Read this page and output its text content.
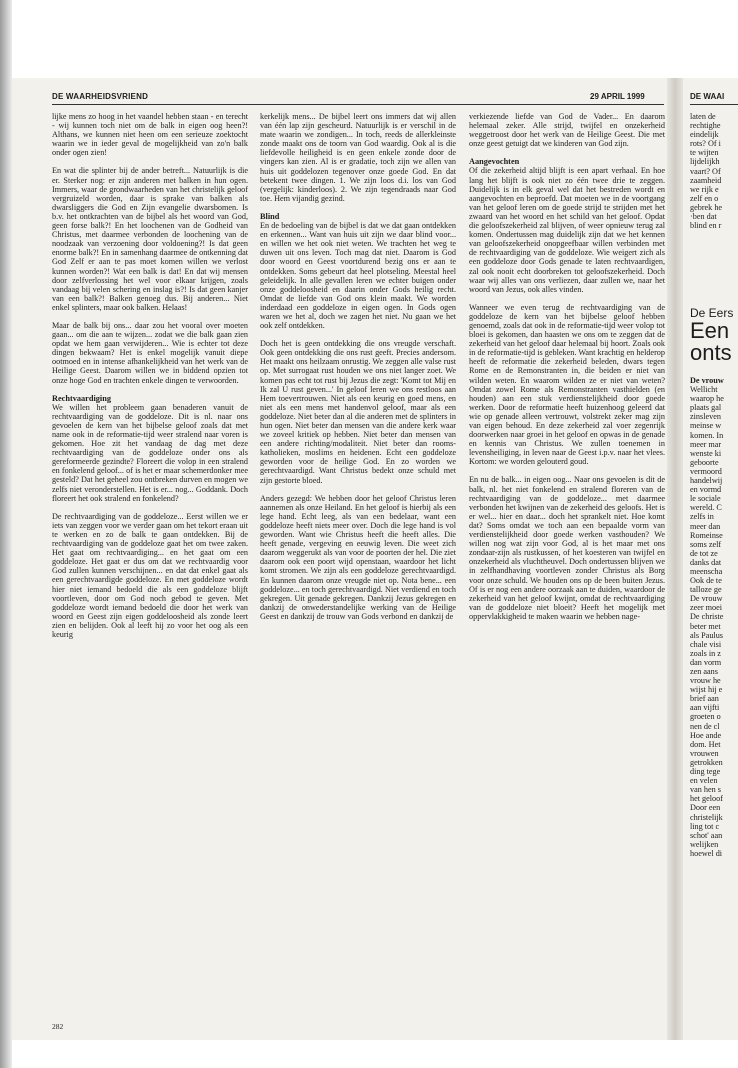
DE WAARHEIDSVRIEND	29 APRIL 1999	DE WAAI

lijke mens zo hoog in het vaandel hebben staan - en terecht - wij kunnen toch niet om de balk in eigen oog heen?! Althans, we kunnen niet heen om een serieuze zoektocht waarin we in ieder geval de mogelijkheid van zo'n balk onder ogen zien!

En wat die splinter bij de ander betreft... Natuurlijk is die er. Sterker nog: er zijn anderen met balken in hun ogen. Immers, waar de grondwaarheden van het christelijk geloof vergruizeld worden, daar is sprake van balken als dwarsliggers die God en Zijn evangelie dwarsbomen. Is b.v. het ontkrachten van de bijbel als het woord van God, geen forse balk?! En het loochenen van de Godheid van Christus, met daarmee verbonden de loochening van de noodzaak van verzoening door voldoening?! Is dat geen enorme balk?! En in samenhang daarmee de ontkenning dat God Zelf er aan te pas moet komen willen we verlost kunnen worden?! Wat een balk is dat! En dat wij mensen door zelfverlossing het wel voor elkaar krijgen, zoals vandaag bij velen schering en inslag is?! Is dat geen kanjer van een balk?! Balken genoeg dus. Bij anderen... Niet enkel splinters, maar ook balken. Helaas!

Maar de balk bij ons... daar zou het vooral over moeten gaan... om die aan te wijzen... zodat we die balk gaan zien opdat we hem gaan verwijderen... Wie is echter tot deze dingen bekwaam? Het is enkel mogelijk vanuit diepe ootmoed en in intense afhankelijkheid van het werk van de Heilige Geest. Daarom willen we in biddend opzien tot onze hoge God en trachten enkele dingen te verwoorden.

Rechtvaardiging

We willen het probleem gaan benaderen vanuit de rechtvaardiging van de goddeloze. Dit is nl. naar ons gevoelen de kern van het bijbelse geloof zoals dat met name ook in de reformatie-tijd weer stralend naar voren is gekomen. Hoe zit het vandaag de dag met deze rechtvaardiging van de goddeloze onder ons als gereformeerde gezindte? Floreert die volop in een stralend en fonkelend geloof... of is het er maar schemerdonker mee gesteld? Dat het geheel zou ontbreken durven en mogen we zelfs niet veronderstellen. Het is er... nog... Goddank. Doch floreert het ook stralend en fonkelend?

De rechtvaardiging van de goddeloze... Eerst willen we er iets van zeggen voor we verder gaan om het tekort eraan uit te werken en zo de balk te gaan ontdekken. Bij de rechtvaardiging van de goddeloze gaat het om twee zaken. Het gaat om rechtvaardiging... en het gaat om een goddeloze. Het gaat er dus om dat we rechtvaardig voor God zullen kunnen verschijnen... en dat dat enkel gaat als een gerechtvaardigde goddeloze. En met goddeloze wordt hier niet iemand bedoeld die als een goddeloze blijft voortleven, door om God noch gebod te geven. Met goddeloze wordt iemand bedoeld die door het werk van woord en Geest zijn eigen goddeloosheid als zonde leert zien en belijden. Ook al leeft hij zo voor het oog als een keurig

kerkelijk mens... De bijbel leert ons immers dat wij allen van één lap zijn gescheurd. Natuurlijk is er verschil in de mate waarin we zondigen... In toch, reeds de allerkleinste zonde maakt ons de toorn van God waardig. Ook al is die liefdevolle heiligheid is en geen enkele zonde door de vingers kan zien. Al is er gradatie, toch zijn we allen van huis uit goddelozen tegenover onze goede God. En dat betekent twee dingen. 1. We zijn loos d.i. los van God (vergelijk: kinderloos). 2. We zijn tegendraads naar God toe. Hem vijandig gezind.

Blind

En de bedoeling van de bijbel is dat we dat gaan ontdekken en erkennen... Want van huis uit zijn we daar blind voor... en willen we het ook niet weten. We trachten het weg te duwen uit ons leven. Toch mag dat niet. Daarom is God door woord en Geest voortdurend bezig ons er aan te ontdekken. Soms gebeurt dat heel plotseling. Meestal heel geleidelijk. In alle gevallen leren we echter buigen onder onze goddeloosheid en daarin onder Gods heilig recht. Omdat de liefde van God ons klein maakt. We worden inderdaad een goddeloze in eigen ogen. In Gods ogen waren we het al, doch we zagen het niet. Nu gaan we het ook zelf ontdekken.

Doch het is geen ontdekking die ons vreugde verschaft. Ook geen ontdekking die ons rust geeft. Precies andersom. Het maakt ons heilzaam onrustig. We zeggen alle valse rust op. Met surrogaat rust houden we ons niet langer zoet. We komen pas echt tot rust bij Jezus die zegt: 'Komt tot Mij en Ik zal U rust geven...' In geloof leren we ons restloos aan Hem toevertrouwen. Niet als een keurig en goed mens, en niet als een mens met handenvol geloof, maar als een goddeloze. Niet beter dan al die anderen met de splinters in hun ogen. Niet beter dan mensen van die andere kerk waar we zoveel kritiek op hebben. Niet beter dan mensen van een andere richting/modaliteit. Niet beter dan rooms-katholieken, moslims en heidenen. Echt een goddeloze geworden voor de heilige God. En zo worden we gerechtvaardigd. Want Christus bedekt onze schuld met zijn gestorte bloed.

Anders gezegd: We hebben door het geloof Christus leren aannemen als onze Heiland. En het geloof is hierbij als een lege hand. Echt leeg, als van een bedelaar, want een goddeloze heeft niets meer over. Doch die lege hand is vol geworden. Want wie Christus heeft die heeft alles. Die heeft genade, vergeving en eeuwig leven. Die weet zich daarom weggerukt als van voor de poorten der hel. Die ziet daarom ook een poort wijd openstaan, waardoor het licht komt stromen. We zijn als een goddeloze gerechtvaardigd. En kunnen daarom onze vreugde niet op. Nota bene... een goddeloze... en toch gerechtvaardigd. Niet verdiend en toch gekregen. Uit genade gekregen. Dankzij Jezus gekregen en dankzij de onwederstandelijke werking van de Heilige Geest en dankzij de trouw van Gods verbond en dankzij de

verkiezende liefde van God de Vader... En daarom helemaal zeker. Alle strijd, twijfel en onzekerheid weggetroost door het werk van de Heilige Geest. Die met onze geest getuigt dat we kinderen van God zijn.

Aangevochten

Of die zekerheid altijd blijft is een apart verhaal. En hoe lang het blijft is ook niet zo één twee drie te zeggen. Duidelijk is in elk geval wel dat het bestreden wordt en aangevochten en beproefd. Dat moeten we in de voortgang van het geloof leren om de goede strijd te strijden met het zwaard van het woord en het schild van het geloof. Opdat die geloofszekerheid zal blijven, of weer opnieuw terug zal komen. Ondertussen mag duidelijk zijn dat we het kennen van geloofszekerheid onopgeefbaar willen verbinden met de rechtvaardiging van de goddeloze. Wie weigert zich als een goddeloze door Gods genade te laten rechtvaardigen, zal ook nooit echt doorbreken tot geloofszekerheid. Doch waar wij alles van ons verliezen, daar zullen we, naar het woord van Jezus, ook alles vinden.

Wanneer we even terug de rechtvaardiging van de goddeloze de kern van het bijbelse geloof hebben genoemd, zoals dat ook in de reformatie-tijd weer volop tot bloei is gekomen, dan haasten we ons om te zeggen dat de zekerheid van het geloof daar helemaal bij hoort. Zoals ook in de reformatie-tijd is gebleken. Want krachtig en helderop heeft de reformatie die zekerheid beleden, dwars tegen Rome en de Remonstranten in, die beiden er niet van wilden weten. En waarom wilden ze er niet van weten? Omdat zowel Rome als Remonstranten vasthielden (en houden) aan een stuk verdienstelijkheid door goede werken. Door de reformatie heeft huizenhoog geleerd dat wie op genade alleen vertrouwt, volstrekt zeker mag zijn van eigen behoud. En deze zekerheid zal voer zegenrijk doorwerken naar groei in het geloof en opwas in de genade en kennis van Christus. We zullen toenemen in levensheiliging, in leven naar de Geest i.p.v. naar het vlees. Kortom: we worden gelouterd goud.

En nu de balk... in eigen oog... Naar ons gevoelen is dit de balk, nl. het niet fonkelend en stralend floreren van de rechtvaardiging van de goddeloze... met daarmee verbonden het kwijnen van de zekerheid des geloofs. Het is er wel... hier en daar... doch het sprankelt niet. Hoe komt dat? Soms omdat we toch aan een bepaalde vorm van verdienstelijkheid door goede werken vasthouden? We willen nog wat zijn voor God, al is het maar met ons zondaar-zijn als rustkussen, of het koesteren van twijfel en onzekerheid als vluchtheuvel. Doch ondertussen blijven we in zelfhandhaving voortleven zonder Christus als Borg voor onze schuld. We houden ons op de been buiten Jezus. Of is er nog een andere oorzaak aan te duiden, waardoor de zekerheid van het geloof kwijnt, omdat de rechtvaardiging van de goddeloze niet bloeit? Heeft het mogelijk met oppervlakkigheid te maken waarin we hebben nage-

laten de
rechtighe
eindelijk
rots? Of i
te wijten
lijdelijkh
vaart? Of
zaamheid
we rijk e
zelf en o
gebrek he
·ben dat
blind en r
De Eers
Een
onts
De vrouw
Wellicht
waarop he
plaats gal
zinsleven
meinse w
komen. In
meer mar
wenste ki
geboorte
vermoord
handelwij
en vormd
le sociale
wereld. C
zelfs in
meer dan
Romeinse
soms zelf
de tot ze
danks dat
meenscha
Ook de te
talloze ge
De vrouw
zeer moei
De christe
beter met
als Paulus
chale visi
zoals in z
dan vorm
zen aans
vrouw he
wijst hij e
brief aan
aan vijfti
groeten o
nen de cl
Hoe ande
dom. Het
vrouwen
getrokken
ding tege
en velen
van hen s
het geloof
Door een
christelijk
ling tot c
schot' aan
welijken
hoewel di
282
